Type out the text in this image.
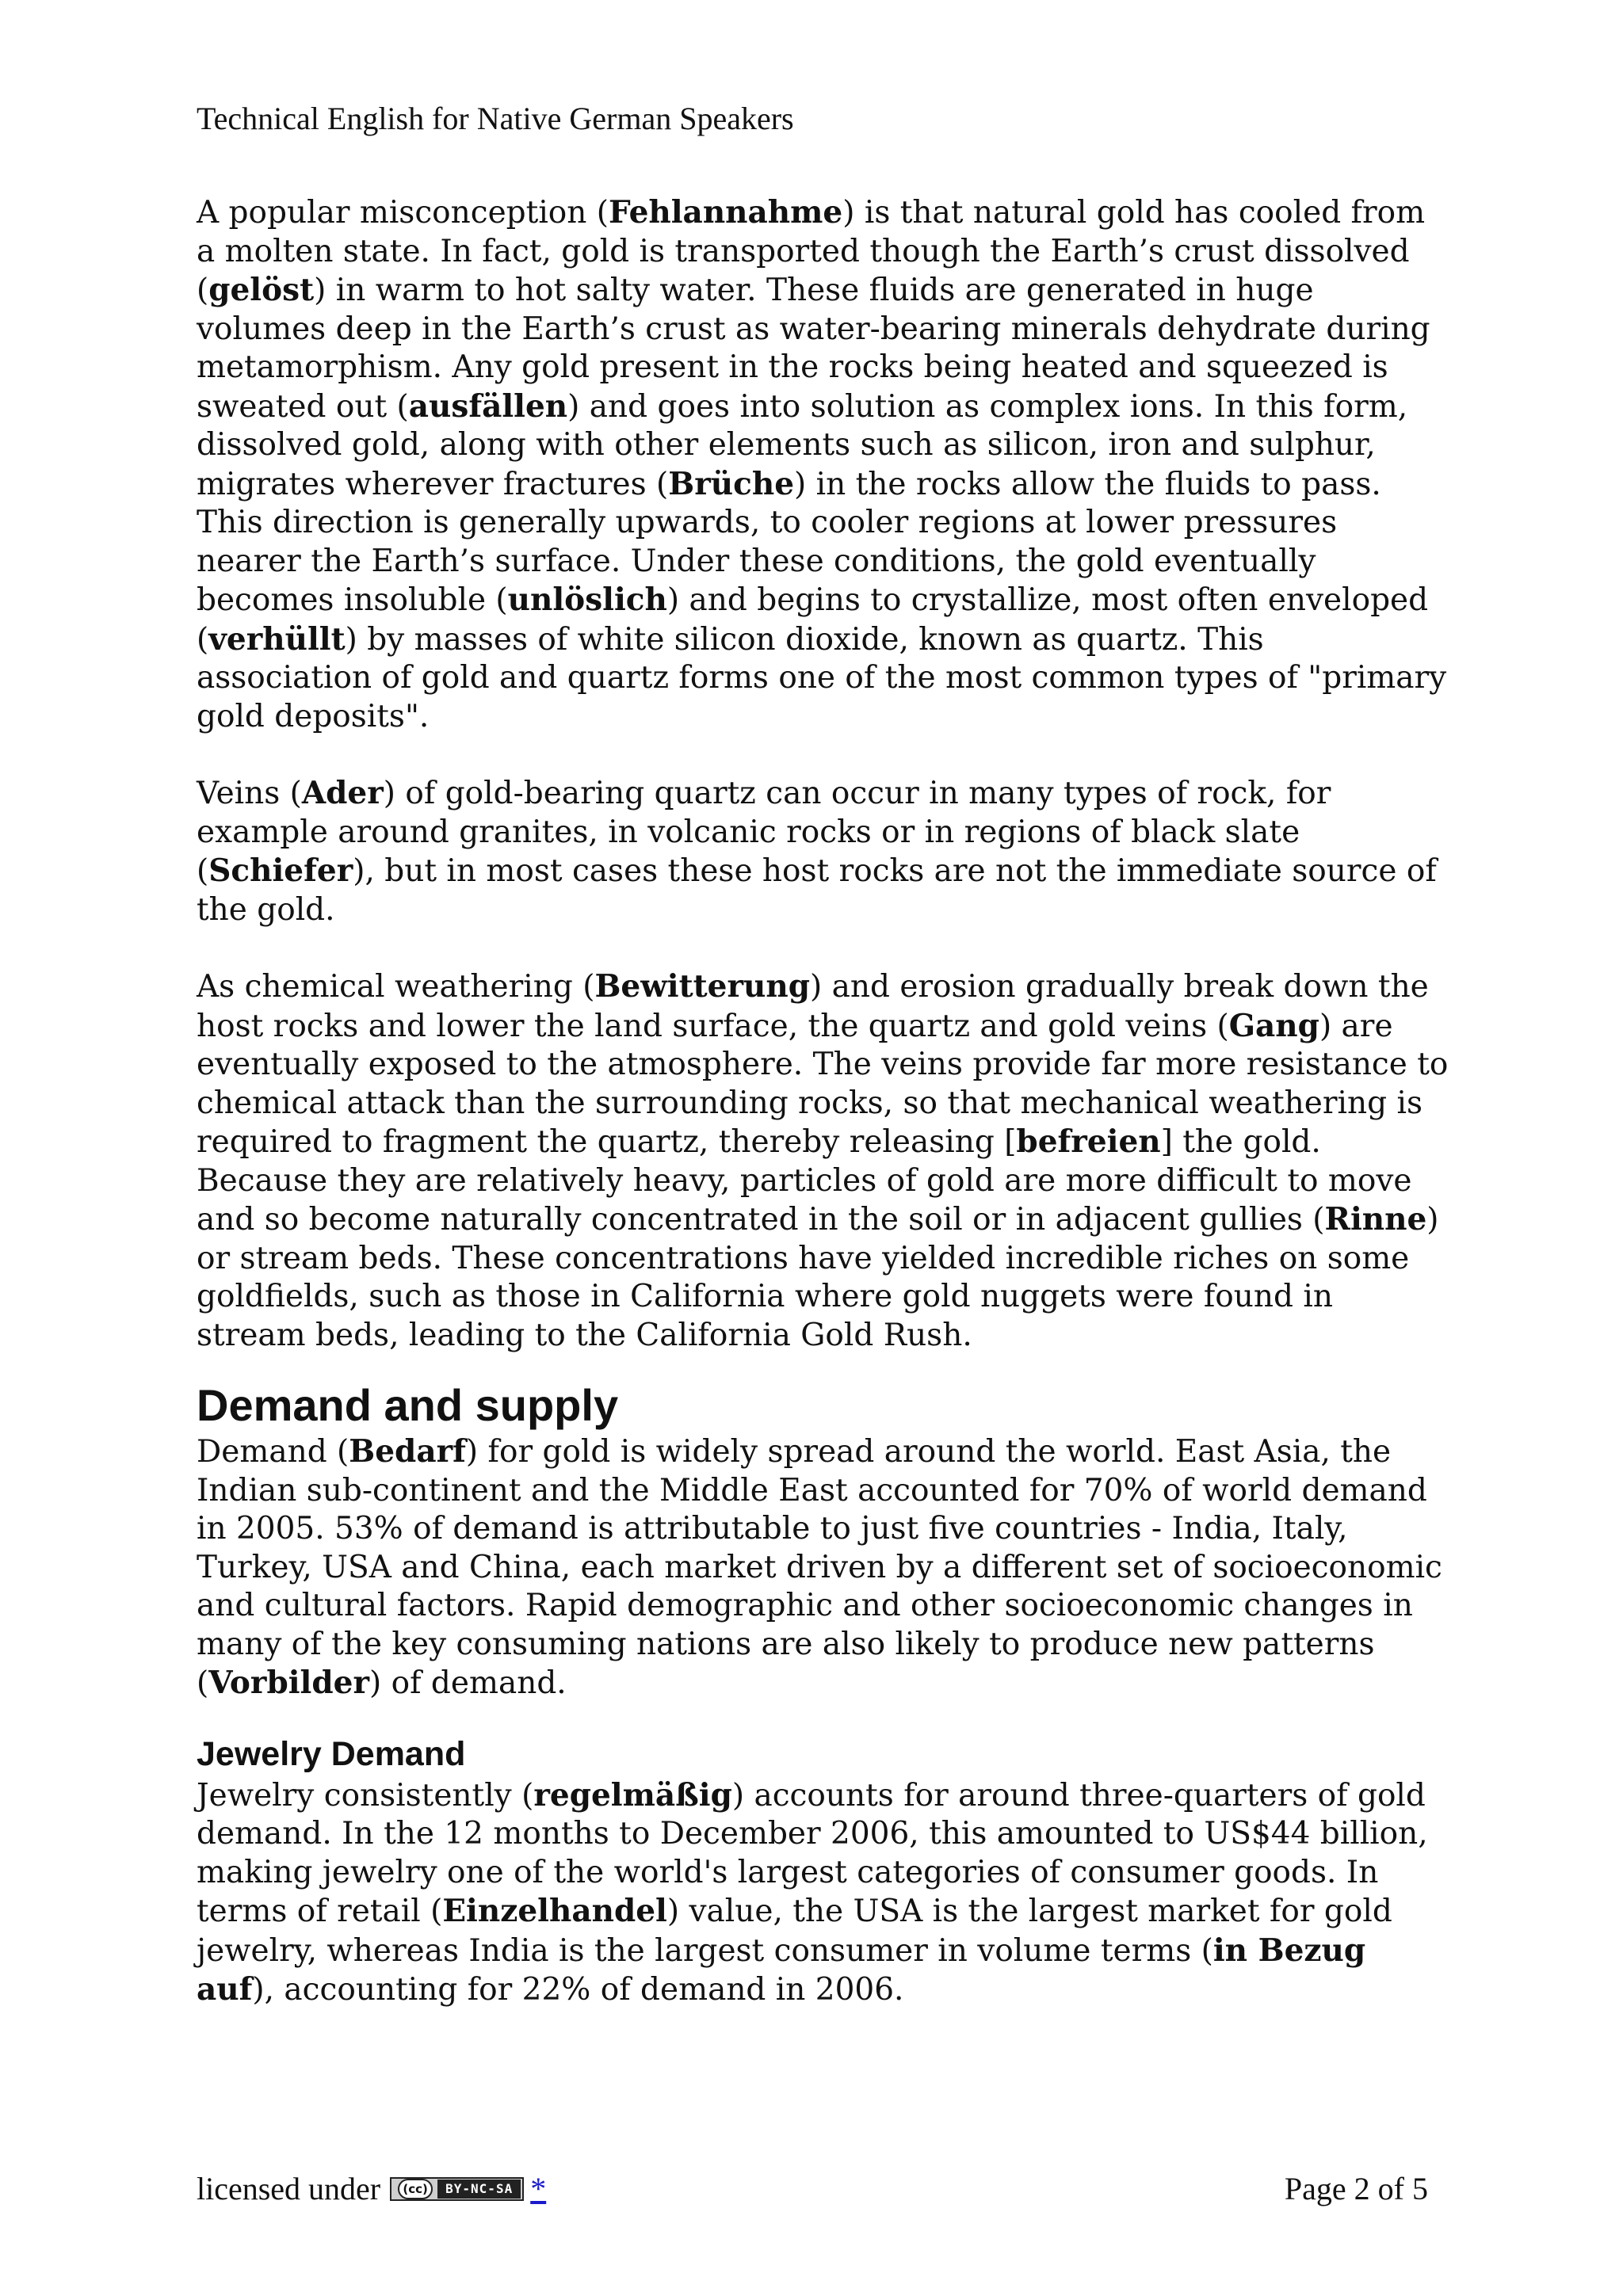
Technical English for Native German Speakers

A popular misconception (Fehlannahme) is that natural gold has cooled from a molten state. In fact, gold is transported though the Earth’s crust dissolved (gelöst) in warm to hot salty water. These fluids are generated in huge volumes deep in the Earth’s crust as water-bearing minerals dehydrate during metamorphism. Any gold present in the rocks being heated and squeezed is sweated out (ausfällen) and goes into solution as complex ions. In this form, dissolved gold, along with other elements such as silicon, iron and sulphur, migrates wherever fractures (Brüche) in the rocks allow the fluids to pass. This direction is generally upwards, to cooler regions at lower pressures nearer the Earth’s surface. Under these conditions, the gold eventually becomes insoluble (unlöslich) and begins to crystallize, most often enveloped (verhüllt) by masses of white silicon dioxide, known as quartz. This association of gold and quartz forms one of the most common types of "primary gold deposits".

Veins (Ader) of gold-bearing quartz can occur in many types of rock, for example around granites, in volcanic rocks or in regions of black slate (Schiefer), but in most cases these host rocks are not the immediate source of the gold.

As chemical weathering (Bewitterung) and erosion gradually break down the host rocks and lower the land surface, the quartz and gold veins (Gang) are eventually exposed to the atmosphere. The veins provide far more resistance to chemical attack than the surrounding rocks, so that mechanical weathering is required to fragment the quartz, thereby releasing [befreien] the gold. Because they are relatively heavy, particles of gold are more difficult to move and so become naturally concentrated in the soil or in adjacent gullies (Rinne) or stream beds. These concentrations have yielded incredible riches on some goldfields, such as those in California where gold nuggets were found in stream beds, leading to the California Gold Rush.

Demand and supply

Demand (Bedarf) for gold is widely spread around the world. East Asia, the Indian sub-continent and the Middle East accounted for 70% of world demand in 2005. 53% of demand is attributable to just five countries - India, Italy, Turkey, USA and China, each market driven by a different set of socioeconomic and cultural factors. Rapid demographic and other socioeconomic changes in many of the key consuming nations are also likely to produce new patterns (Vorbilder) of demand.

Jewelry Demand

Jewelry consistently (regelmäßig) accounts for around three-quarters of gold demand. In the 12 months to December 2006, this amounted to US$44 billion, making jewelry one of the world's largest categories of consumer goods. In terms of retail (Einzelhandel) value, the USA is the largest market for gold jewelry, whereas India is the largest consumer in volume terms (in Bezug auf), accounting for 22% of demand in 2006.

licensed under	(cc)	BY-NC-SA *	Page 2 of 5
